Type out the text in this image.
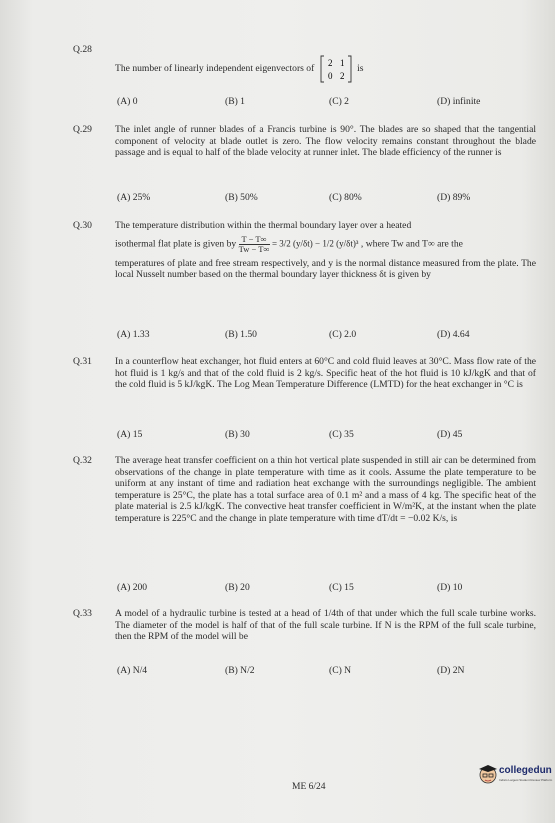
Q.28
The number of linearly independent eigenvectors of
2 1
0 2
is
(A) 0	(B) 1	(C) 2	(D) infinite
Q.29 The inlet angle of runner blades of a Francis turbine is 90°. The blades are so shaped that the tangential component of velocity at blade outlet is zero. The flow velocity remains constant throughout the blade passage and is equal to half of the blade velocity at runner inlet. The blade efficiency of the runner is
(A) 25%	(B) 50%	(C) 80%	(D) 89%
Q.30 The temperature distribution within the thermal boundary layer over a heated
isothermal flat plate is given by $\frac{T - T\infty}{Tw - T\infty} = 3/2$ (y/δt) − 1/2 (y/δt)³ , where Tw and T∞ are the
temperatures of plate and free stream respectively, and y is the normal distance measured from the plate. The local Nusselt number based on the thermal boundary layer thickness δt is given by
(A) 1.33	(B) 1.50	(C) 2.0	(D) 4.64
Q.31 In a counterflow heat exchanger, hot fluid enters at 60°C and cold fluid leaves at 30°C. Mass flow rate of the hot fluid is 1 kg/s and that of the cold fluid is 2 kg/s. Specific heat of the hot fluid is 10 kJ/kgK and that of the cold fluid is 5 kJ/kgK. The Log Mean Temperature Difference (LMTD) for the heat exchanger in °C is
(A) 15	(B) 30	(C) 35	(D) 45
Q.32 The average heat transfer coefficient on a thin hot vertical plate suspended in still air can be determined from observations of the change in plate temperature with time as it cools. Assume the plate temperature to be uniform at any instant of time and radiation heat exchange with the surroundings negligible. The ambient temperature is 25°C, the plate has a total surface area of 0.1 m² and a mass of 4 kg. The specific heat of the plate material is 2.5 kJ/kgK. The convective heat transfer coefficient in W/m²K, at the instant when the plate temperature is 225°C and the change in plate temperature with time dT/dt = −0.02 K/s, is
(A) 200	(B) 20	(C) 15	(D) 10
Q.33 A model of a hydraulic turbine is tested at a head of 1/4th of that under which the full scale turbine works. The diameter of the model is half of that of the full scale turbine. If N is the RPM of the full scale turbine, then the RPM of the model will be
(A) N/4	(B) N/2	(C) N	(D) 2N
collegedun
India's Largest Student Review Platform
ME 6/24
